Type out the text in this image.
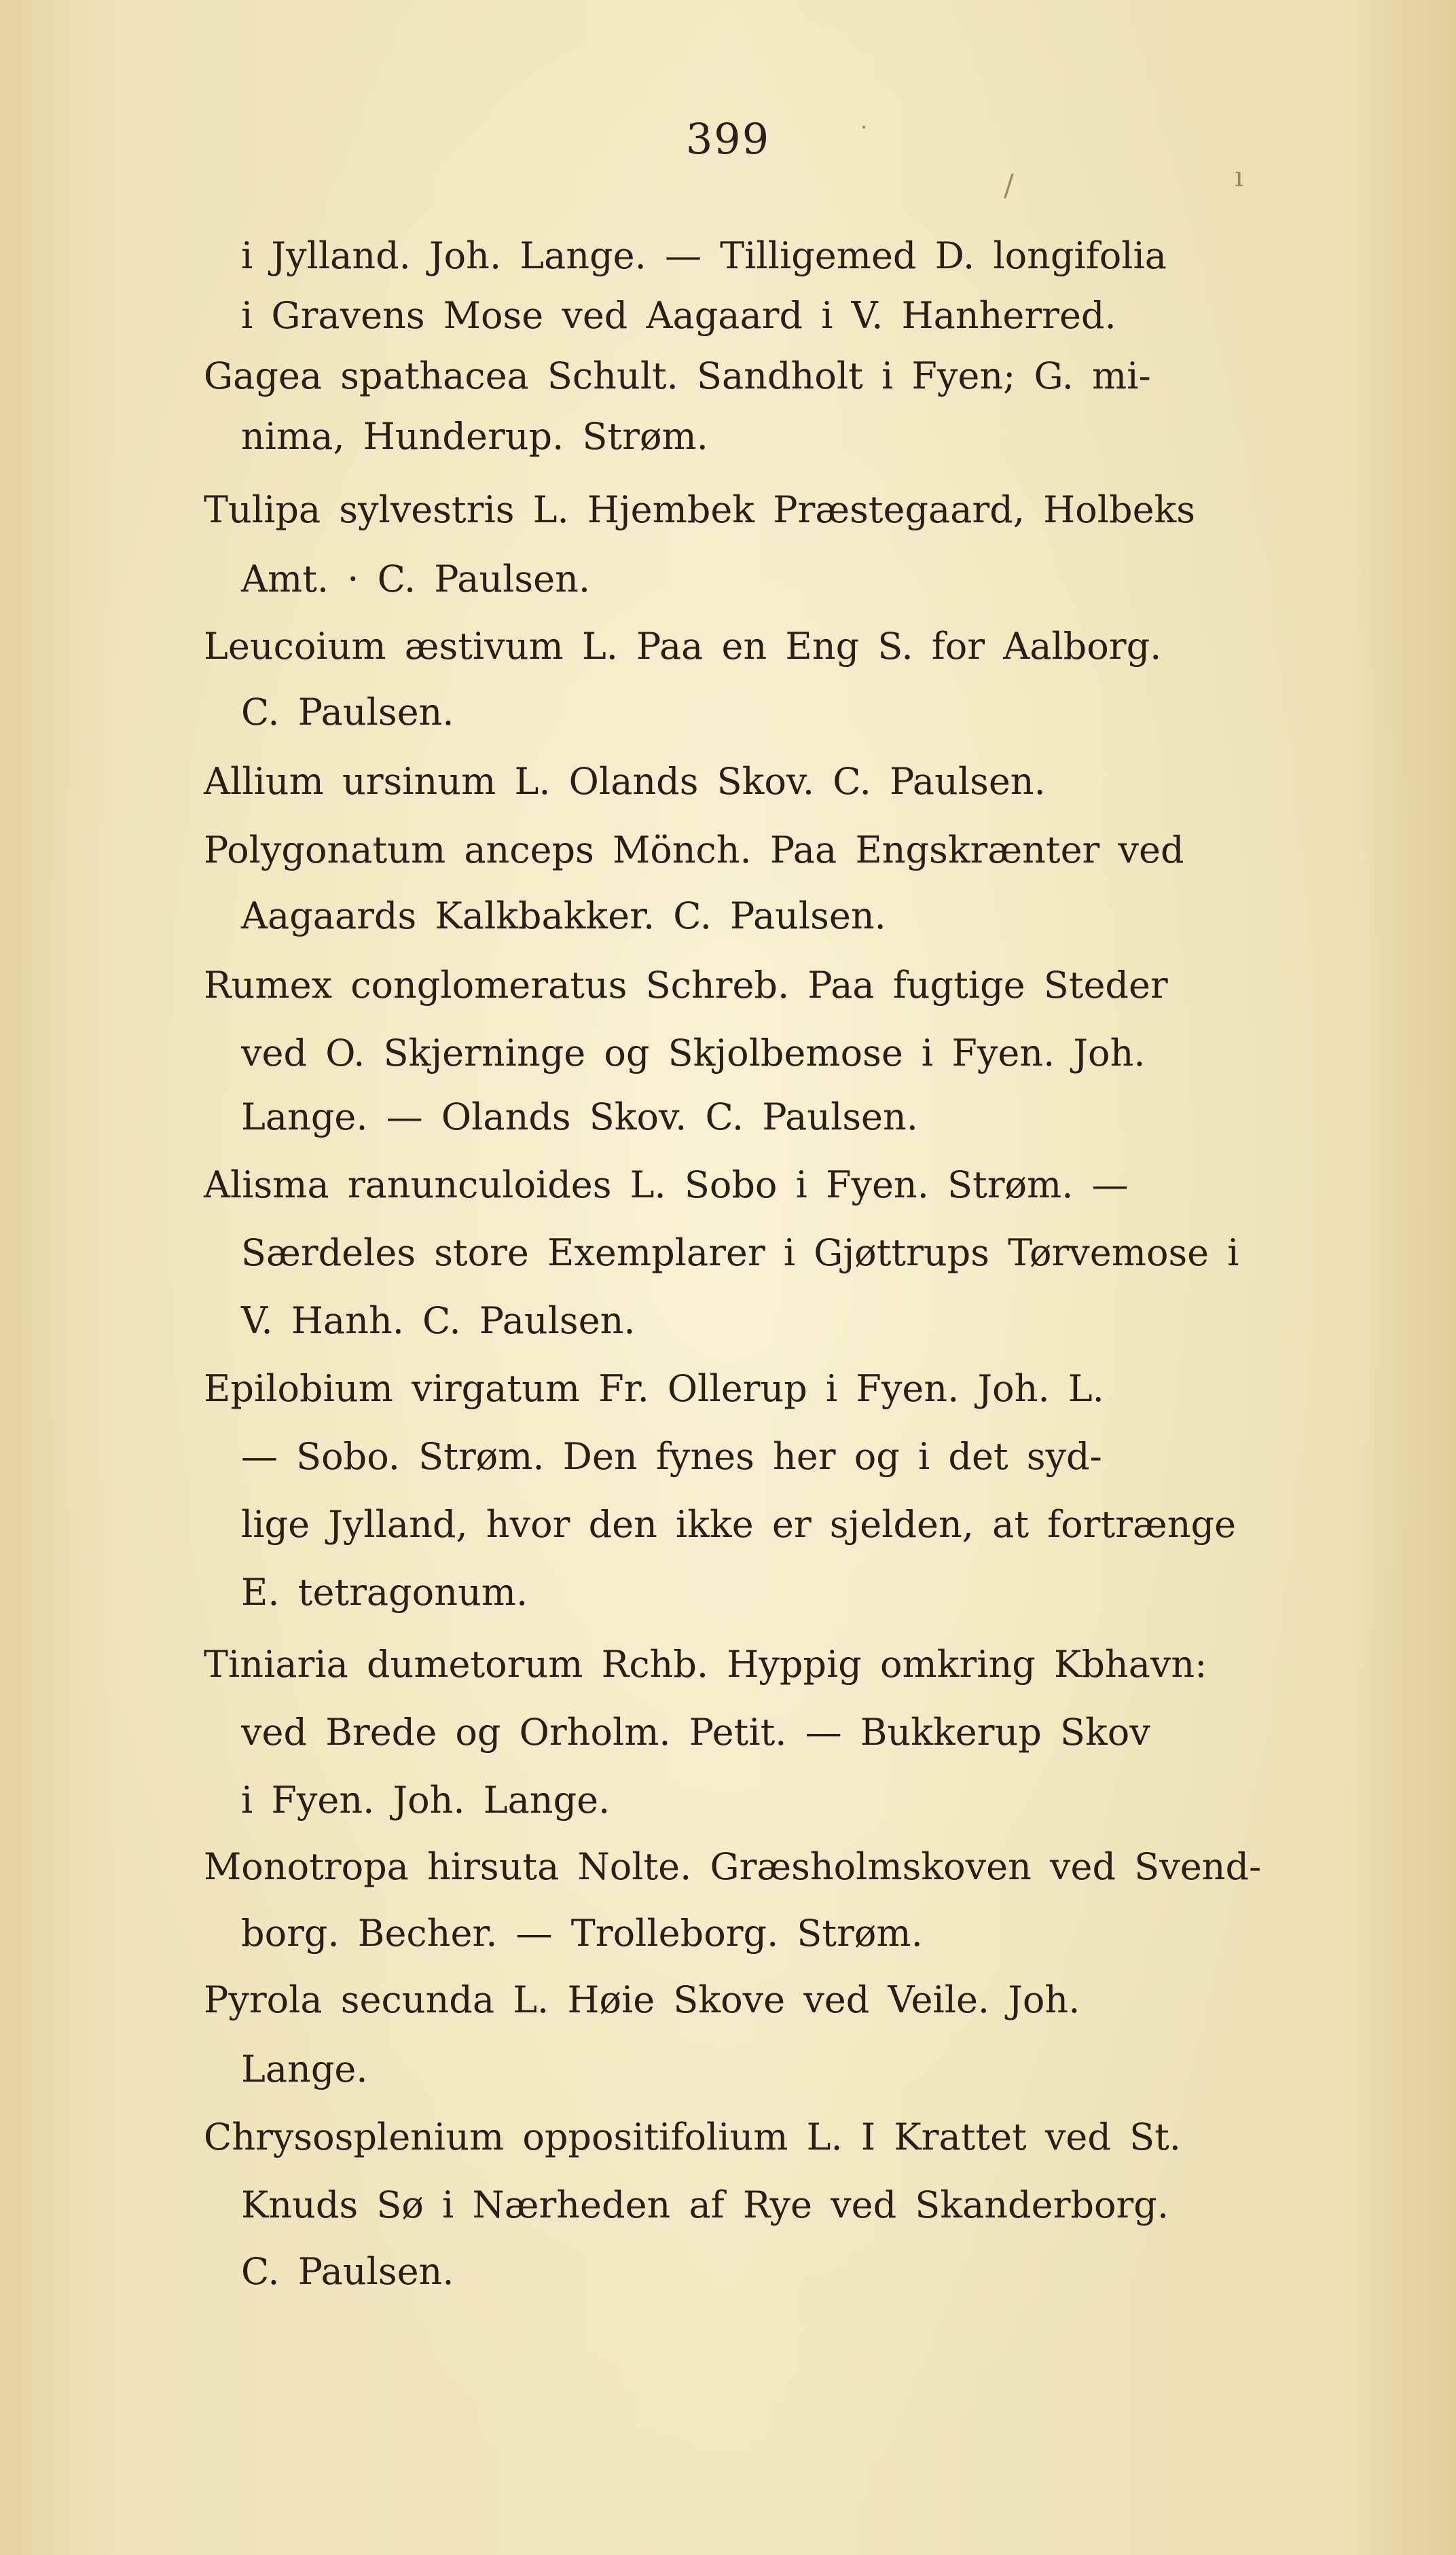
˙
/	ı
399
i Jylland. Joh. Lange. — Tilligemed D. longifolia
i Gravens Mose ved Aagaard i V. Hanherred.
Gagea spathacea Schult. Sandholt i Fyen; G. mi-
nima, Hunderup. Strøm.
Tulipa sylvestris L. Hjembek Præstegaard, Holbeks
Amt. · C. Paulsen.
Leucoium æstivum L. Paa en Eng S. for Aalborg.
C. Paulsen.
Allium ursinum L. Olands Skov. C. Paulsen.
Polygonatum anceps Mönch. Paa Engskrænter ved
Aagaards Kalkbakker. C. Paulsen.
Rumex conglomeratus Schreb. Paa fugtige Steder
ved O. Skjerninge og Skjolbemose i Fyen. Joh.
Lange. — Olands Skov. C. Paulsen.
Alisma ranunculoides L. Sobo i Fyen. Strøm. —
Særdeles store Exemplarer i Gjøttrups Tørvemose i
V. Hanh. C. Paulsen.
Epilobium virgatum Fr. Ollerup i Fyen. Joh. L.
— Sobo. Strøm. Den fynes her og i det syd-
lige Jylland, hvor den ikke er sjelden, at fortrænge
E. tetragonum.
Tiniaria dumetorum Rchb. Hyppig omkring Kbhavn:
ved Brede og Orholm. Petit. — Bukkerup Skov
i Fyen. Joh. Lange.
Monotropa hirsuta Nolte. Græsholmskoven ved Svend-
borg. Becher. — Trolleborg. Strøm.
Pyrola secunda L. Høie Skove ved Veile. Joh.
Lange.
Chrysosplenium oppositifolium L. I Krattet ved St.
Knuds Sø i Nærheden af Rye ved Skanderborg.
C. Paulsen.
